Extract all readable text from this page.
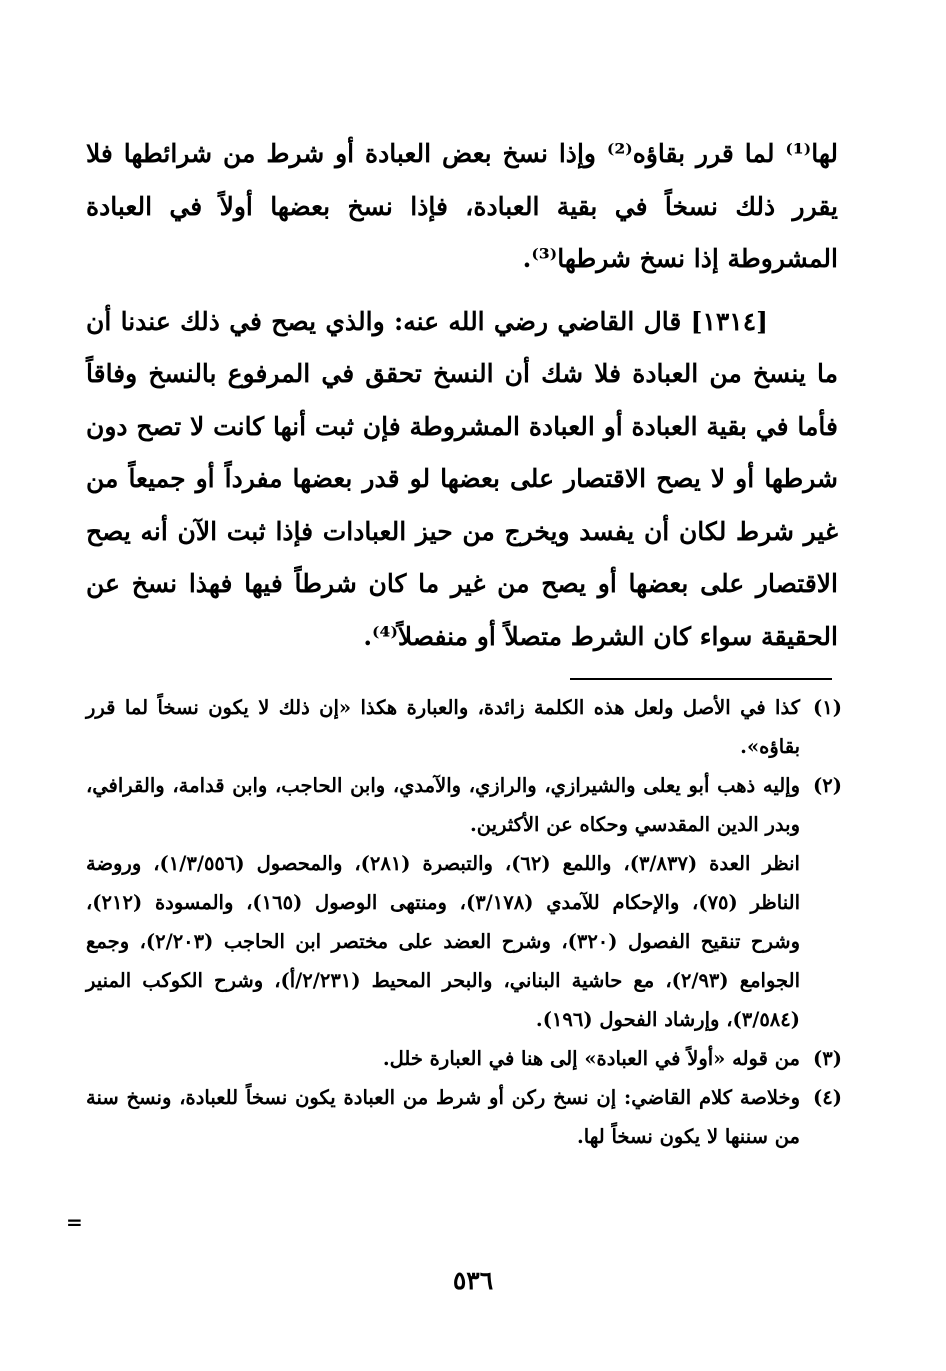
لها⁽¹⁾ لما قرر بقاؤه⁽²⁾ وإذا نسخ بعض العبادة أو شرط من شرائطها فلا يقرر ذلك نسخاً في بقية العبادة، فإذا نسخ بعضها أولاً في العبادة المشروطة إذا نسخ شرطها⁽³⁾.

[١٣١٤] قال القاضي رضي الله عنه: والذي يصح في ذلك عندنا أن ما ينسخ من العبادة فلا شك أن النسخ تحقق في المرفوع بالنسخ وفاقاً فأما في بقية العبادة أو العبادة المشروطة فإن ثبت أنها كانت لا تصح دون شرطها أو لا يصح الاقتصار على بعضها لو قدر بعضها مفرداً أو جميعاً من غير شرط لكان أن يفسد ويخرج من حيز العبادات فإذا ثبت الآن أنه يصح الاقتصار على بعضها أو يصح من غير ما كان شرطاً فيها فهذا نسخ عن الحقيقة سواء كان الشرط متصلاً أو منفصلاً⁽⁴⁾.

(١)

كذا في الأصل ولعل هذه الكلمة زائدة، والعبارة هكذا «إن ذلك لا يكون نسخاً لما قرر بقاؤه».

(٢)

وإليه ذهب أبو يعلى والشيرازي، والرازي، والآمدي، وابن الحاجب، وابن قدامة، والقرافي، وبدر الدين المقدسي وحكاه عن الأكثرين.

انظر العدة (٣/٨٣٧)، واللمع (٦٢)، والتبصرة (٢٨١)، والمحصول (١/٣/٥٥٦)، وروضة الناظر (٧٥)، والإحكام للآمدي (٣/١٧٨)، ومنتهى الوصول (١٦٥)، والمسودة (٢١٢)، وشرح تنقيح الفصول (٣٢٠)، وشرح العضد على مختصر ابن الحاجب (٢/٢٠٣)، وجمع الجوامع (٢/٩٣)، مع حاشية البناني، والبحر المحيط (٢/٢٣١/أ)، وشرح الكوكب المنير (٣/٥٨٤)، وإرشاد الفحول (١٩٦).

(٣)

من قوله «أولاً في العبادة» إلى هنا في العبارة خلل.

(٤)

وخلاصة كلام القاضي: إن نسخ ركن أو شرط من العبادة يكون نسخاً للعبادة، ونسخ سنة من سننها لا يكون نسخاً لها.

=
٥٣٦
